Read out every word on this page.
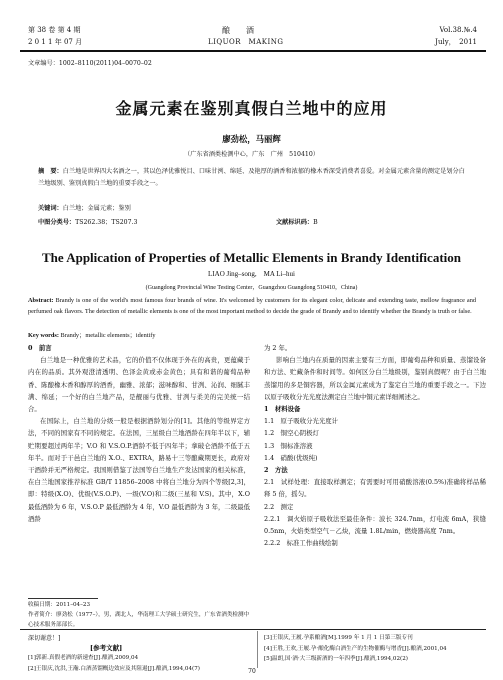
第 38 卷 第 4 期
2 0 1 1 年 07 月
酿　　酒
LIQUOR　MAKING
Vol.38.№.4
July，　2011
文章编号：1002–8110(2011)04–0070–02
金属元素在鉴别真假白兰地中的应用
廖劲松，马丽辉
（广东省酒类检测中心，广东　广州　510410）
摘　要：白兰地是世界四大名酒之一，其以色泽优雅悦目、口味甘洌、绵延、及艳厚的酒香和浓郁的橡木香深受消费者喜爱。对金属元素含量的测定是划分白兰地级别、鉴别真假白兰地的重要手段之一。
关键词：白兰地；金属元素；鉴别
中图分类号：TS262.38；TS207.3	文献标识码：B
The Application of Properties of Metallic Elements in Brandy Identification
LIAO Jing–song,　MA Li–hui
(Guangdong Provincial Wine Testing Center，Guangzhou Guangdong 510410，China)
Abstract: Brandy is one of the world's most famous four brands of wine. It's welcomed by customers for its elegant color, delicate and extending taste, mellow fragrance and perfumed oak flavors. The detection of metallic elements is one of the most important method to decide the grade of Brandy and to identify whether the Brandy is truth or false.
Key words: Brandy；metallic elements；identify

0　前言

白兰地是一种优雅的艺术品，它的价值不仅体现于外在的高贵，更蕴藏于内在的品质。其外观澄清透明、色泽金黄或赤金黄色；具有和谐的葡萄品种香、陈酿橡木香和醇厚的酒香，幽雅、浓郁；滋味醇和、甘洌、沁润、细腻丰满、绵延；一个好的白兰地产品，是靓丽与优雅、甘洌与柔美的完美统一结合。

在国际上，白兰地的分级一般是根据酒龄划分的[1]。其他的等级界定方法，不同的国家有不同的规定。在法国，三星级白兰地酒龄在四年半以下，辅贮期要超过两年半；V.O 和 V.S.O.P.酒龄不低于四年半；拿破仑酒龄不低于五年半。而对于干邑白兰地的 X.O.、EXTRA，路易十三等酿藏期更长，政府对干酒龄并无严格规定。我国则借鉴了法国等白兰地生产发达国家的相关标准，在白兰地国家推荐标准 GB/T 11856–2008 中将白兰地分为四个等级[2,3]，即：特级(X.O)、优级(V.S.O.P)、一级(V.O)和二级(三星和 V.S)。其中，X.O 最低酒龄为 6 年，V.S.O.P 最低酒龄为 4 年，V.O 最低酒龄为 3 年，二级最低酒龄

收稿日期：2011–04–23

作者简介：廖劲松（1977–），男，湖北人，华南理工大学硕士研究生，广东省酒类检测中心技术服务部部长。

为 2 年。

影响白兰地内在质量的因素主要有三方面，即葡萄品种和质量、蒸馏设备和方法、贮藏条件和时间等。如何区分白兰地级别，鉴别真假呢？由于白兰地蒸馏用的多是铜容器，所以金属元素成为了鉴定白兰地的重要手段之一。下边以原子吸收分光光度法测定白兰地中铜元素详细阐述之。

1　材料设备

1.1　原子吸收分光光度计

1.2　铜空心阴极灯

1.3　铜标准溶液

1.4　硝酸(优级纯)

2　方法

2.1　试样处理：直接取样测定；有需要时可用硝酸溶液(0.5%)准确将样品稀释 5 倍，摇匀。

2.2　测定

2.2.1　调火焰原子吸收法至最佳条件：波长 324.7nm，灯电流 6mA，狭缝 0.5nm，火焰类型空气－乙炔，流量 1.8L/min，燃烧器高度 7nm。

2.2.2　标准工作曲线绘制

深切谢意！]
[参考文献]

[1]郭新.真假老酒的新速查[J].酿酒,2009,04

[2]王银庆,沈洪,王瀚.白酒蒸馏概边效应及其阻遏[J].酿酒,1994,04(7)

[3]王银庆,王履.孕系酿酒[M].1999 年 1 月 1 日第三版专刊

[4]王胜,王欢,王履.孕·酿化酶白酒生产的生物催酶与增香[J].酿酒,2001,04

[5]温朗,国·酒·大三级新酒的一年四季[J].酿酒,1994,02(2)

70
